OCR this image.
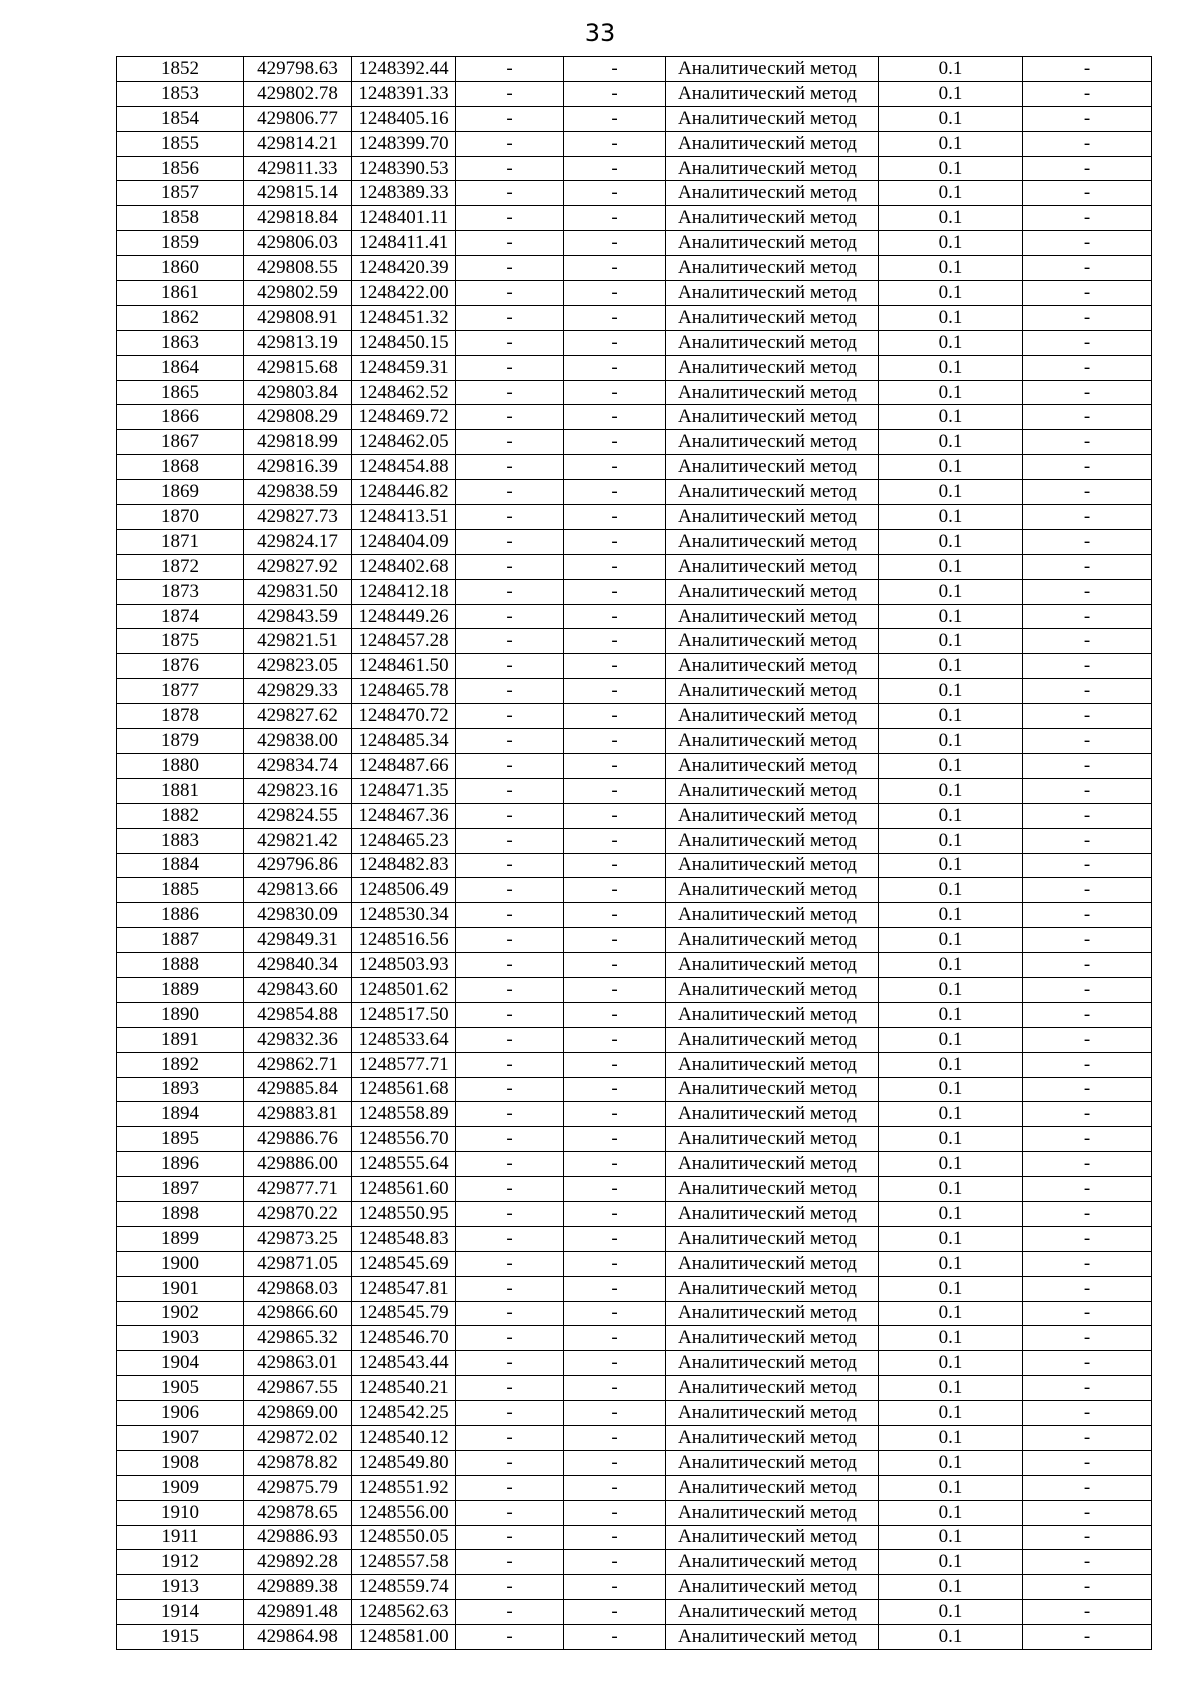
33
1852	429798.63	1248392.44	-	-	Аналитический метод	0.1	-
1853	429802.78	1248391.33	-	-	Аналитический метод	0.1	-
1854	429806.77	1248405.16	-	-	Аналитический метод	0.1	-
1855	429814.21	1248399.70	-	-	Аналитический метод	0.1	-
1856	429811.33	1248390.53	-	-	Аналитический метод	0.1	-
1857	429815.14	1248389.33	-	-	Аналитический метод	0.1	-
1858	429818.84	1248401.11	-	-	Аналитический метод	0.1	-
1859	429806.03	1248411.41	-	-	Аналитический метод	0.1	-
1860	429808.55	1248420.39	-	-	Аналитический метод	0.1	-
1861	429802.59	1248422.00	-	-	Аналитический метод	0.1	-
1862	429808.91	1248451.32	-	-	Аналитический метод	0.1	-
1863	429813.19	1248450.15	-	-	Аналитический метод	0.1	-
1864	429815.68	1248459.31	-	-	Аналитический метод	0.1	-
1865	429803.84	1248462.52	-	-	Аналитический метод	0.1	-
1866	429808.29	1248469.72	-	-	Аналитический метод	0.1	-
1867	429818.99	1248462.05	-	-	Аналитический метод	0.1	-
1868	429816.39	1248454.88	-	-	Аналитический метод	0.1	-
1869	429838.59	1248446.82	-	-	Аналитический метод	0.1	-
1870	429827.73	1248413.51	-	-	Аналитический метод	0.1	-
1871	429824.17	1248404.09	-	-	Аналитический метод	0.1	-
1872	429827.92	1248402.68	-	-	Аналитический метод	0.1	-
1873	429831.50	1248412.18	-	-	Аналитический метод	0.1	-
1874	429843.59	1248449.26	-	-	Аналитический метод	0.1	-
1875	429821.51	1248457.28	-	-	Аналитический метод	0.1	-
1876	429823.05	1248461.50	-	-	Аналитический метод	0.1	-
1877	429829.33	1248465.78	-	-	Аналитический метод	0.1	-
1878	429827.62	1248470.72	-	-	Аналитический метод	0.1	-
1879	429838.00	1248485.34	-	-	Аналитический метод	0.1	-
1880	429834.74	1248487.66	-	-	Аналитический метод	0.1	-
1881	429823.16	1248471.35	-	-	Аналитический метод	0.1	-
1882	429824.55	1248467.36	-	-	Аналитический метод	0.1	-
1883	429821.42	1248465.23	-	-	Аналитический метод	0.1	-
1884	429796.86	1248482.83	-	-	Аналитический метод	0.1	-
1885	429813.66	1248506.49	-	-	Аналитический метод	0.1	-
1886	429830.09	1248530.34	-	-	Аналитический метод	0.1	-
1887	429849.31	1248516.56	-	-	Аналитический метод	0.1	-
1888	429840.34	1248503.93	-	-	Аналитический метод	0.1	-
1889	429843.60	1248501.62	-	-	Аналитический метод	0.1	-
1890	429854.88	1248517.50	-	-	Аналитический метод	0.1	-
1891	429832.36	1248533.64	-	-	Аналитический метод	0.1	-
1892	429862.71	1248577.71	-	-	Аналитический метод	0.1	-
1893	429885.84	1248561.68	-	-	Аналитический метод	0.1	-
1894	429883.81	1248558.89	-	-	Аналитический метод	0.1	-
1895	429886.76	1248556.70	-	-	Аналитический метод	0.1	-
1896	429886.00	1248555.64	-	-	Аналитический метод	0.1	-
1897	429877.71	1248561.60	-	-	Аналитический метод	0.1	-
1898	429870.22	1248550.95	-	-	Аналитический метод	0.1	-
1899	429873.25	1248548.83	-	-	Аналитический метод	0.1	-
1900	429871.05	1248545.69	-	-	Аналитический метод	0.1	-
1901	429868.03	1248547.81	-	-	Аналитический метод	0.1	-
1902	429866.60	1248545.79	-	-	Аналитический метод	0.1	-
1903	429865.32	1248546.70	-	-	Аналитический метод	0.1	-
1904	429863.01	1248543.44	-	-	Аналитический метод	0.1	-
1905	429867.55	1248540.21	-	-	Аналитический метод	0.1	-
1906	429869.00	1248542.25	-	-	Аналитический метод	0.1	-
1907	429872.02	1248540.12	-	-	Аналитический метод	0.1	-
1908	429878.82	1248549.80	-	-	Аналитический метод	0.1	-
1909	429875.79	1248551.92	-	-	Аналитический метод	0.1	-
1910	429878.65	1248556.00	-	-	Аналитический метод	0.1	-
1911	429886.93	1248550.05	-	-	Аналитический метод	0.1	-
1912	429892.28	1248557.58	-	-	Аналитический метод	0.1	-
1913	429889.38	1248559.74	-	-	Аналитический метод	0.1	-
1914	429891.48	1248562.63	-	-	Аналитический метод	0.1	-
1915	429864.98	1248581.00	-	-	Аналитический метод	0.1	-
